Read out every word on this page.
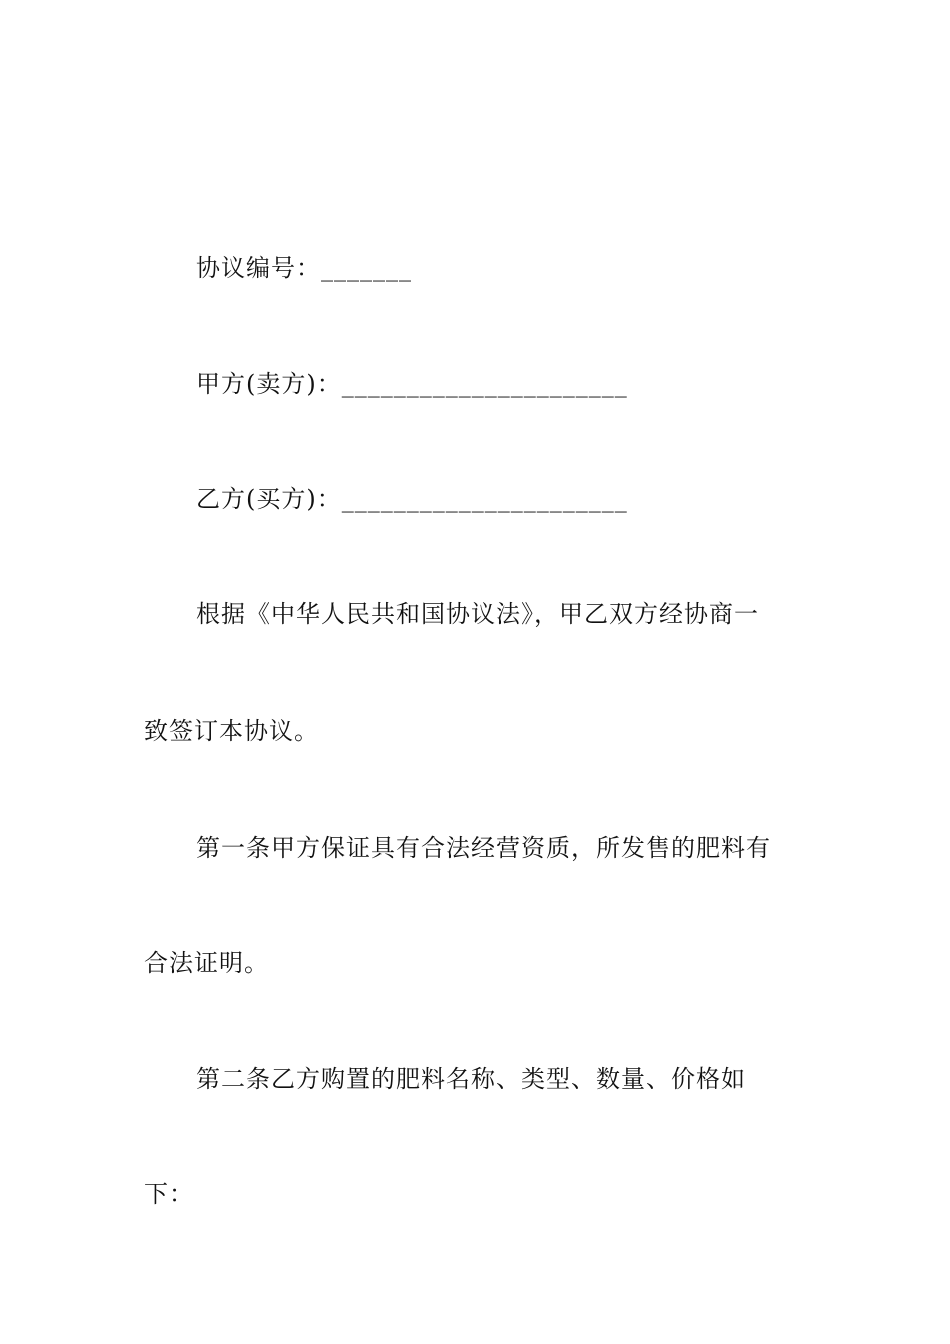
协议编号：_______
甲方(卖方)：______________________
乙方(买方)：______________________
根据《中华人民共和国协议法》，甲乙双方经协商一
致签订本协议。
第一条甲方保证具有合法经营资质，所发售的肥料有
合法证明。
第二条乙方购置的肥料名称、类型、数量、价格如
下：
